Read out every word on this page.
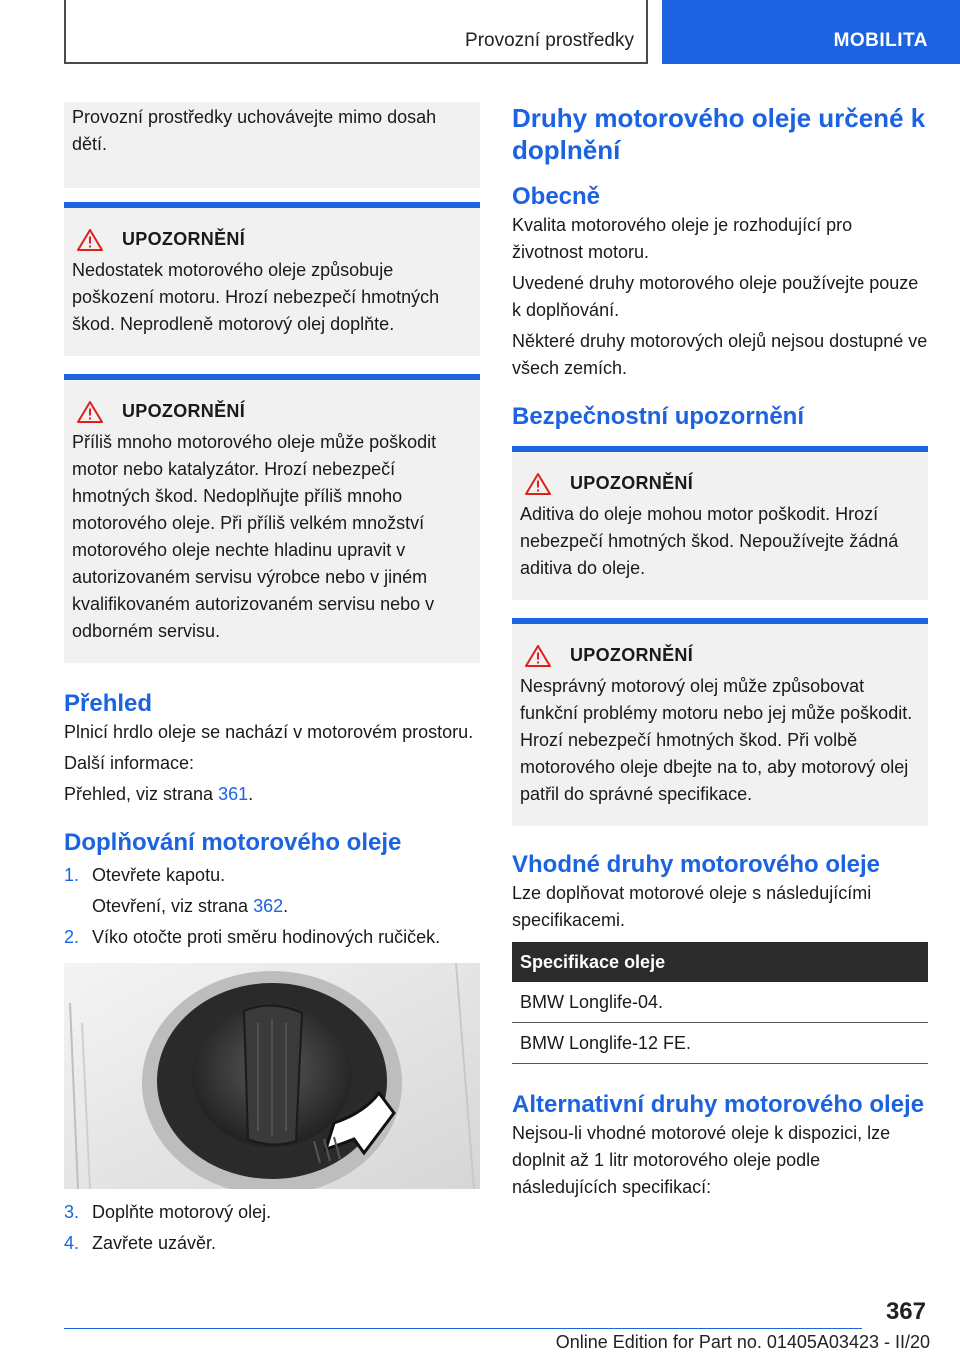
Provozní prostředky	MOBILITA

Provozní prostředky uchovávejte mimo dosah dětí.

UPOZORNĚNÍ

Nedostatek motorového oleje způsobuje poškození motoru. Hrozí nebezpečí hmotných škod. Neprodleně motorový olej doplňte.

UPOZORNĚNÍ

Příliš mnoho motorového oleje může poškodit motor nebo katalyzátor. Hrozí nebezpečí hmotných škod. Nedoplňujte příliš mnoho motorového oleje. Při příliš velkém množství motorového oleje nechte hladinu upravit v autorizovaném servisu výrobce nebo v jiném kvalifikovaném autorizovaném servisu nebo v odborném servisu.

Přehled

Plnicí hrdlo oleje se nachází v motorovém prostoru.

Další informace:

Přehled, viz strana 361.

Doplňování motorového oleje
1. Otevřete kapotu.
Otevření, viz strana 362.
2. Víko otočte proti směru hodinových ručiček.
3. Doplňte motorový olej.
4. Zavřete uzávěr.
Druhy motorového oleje určené k doplnění
Obecně

Kvalita motorového oleje je rozhodující pro životnost motoru.

Uvedené druhy motorového oleje používejte pouze k doplňování.

Některé druhy motorových olejů nejsou dostupné ve všech zemích.

Bezpečnostní upozornění
UPOZORNĚNÍ

Aditiva do oleje mohou motor poškodit. Hrozí nebezpečí hmotných škod. Nepoužívejte žádná aditiva do oleje.

UPOZORNĚNÍ

Nesprávný motorový olej může způsobovat funkční problémy motoru nebo jej může poškodit. Hrozí nebezpečí hmotných škod. Při volbě motorového oleje dbejte na to, aby motorový olej patřil do správné specifikace.

Vhodné druhy motorového oleje

Lze doplňovat motorové oleje s následujícími specifikacemi.

Specifikace oleje
BMW Longlife-04.
BMW Longlife-12 FE.
Alternativní druhy motorového oleje

Nejsou-li vhodné motorové oleje k dispozici, lze doplnit až 1 litr motorového oleje podle následujících specifikací:

367
Online Edition for Part no. 01405A03423 - II/20
